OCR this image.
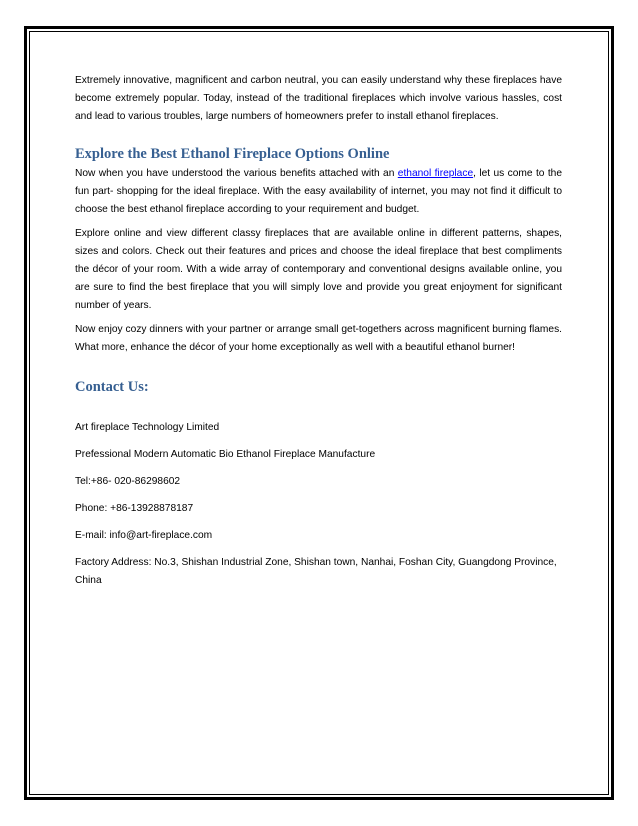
Extremely innovative, magnificent and carbon neutral, you can easily understand why these fireplaces have become extremely popular. Today, instead of the traditional fireplaces which involve various hassles, cost and lead to various troubles, large numbers of homeowners prefer to install ethanol fireplaces.

Explore the Best Ethanol Fireplace Options Online

Now when you have understood the various benefits attached with an ethanol fireplace, let us come to the fun part- shopping for the ideal fireplace. With the easy availability of internet, you may not find it difficult to choose the best ethanol fireplace according to your requirement and budget.

Explore online and view different classy fireplaces that are available online in different patterns, shapes, sizes and colors. Check out their features and prices and choose the ideal fireplace that best compliments the décor of your room. With a wide array of contemporary and conventional designs available online, you are sure to find the best fireplace that you will simply love and provide you great enjoyment for significant number of years.

Now enjoy cozy dinners with your partner or arrange small get-togethers across magnificent burning flames. What more, enhance the décor of your home exceptionally as well with a beautiful ethanol burner!

Contact Us:

Art fireplace Technology Limited

Prefessional Modern Automatic Bio Ethanol Fireplace Manufacture

Tel:+86- 020-86298602

Phone: +86-13928878187

E-mail: info@art-fireplace.com

Factory Address: No.3, Shishan Industrial Zone, Shishan town, Nanhai, Foshan City, Guangdong Province, China
